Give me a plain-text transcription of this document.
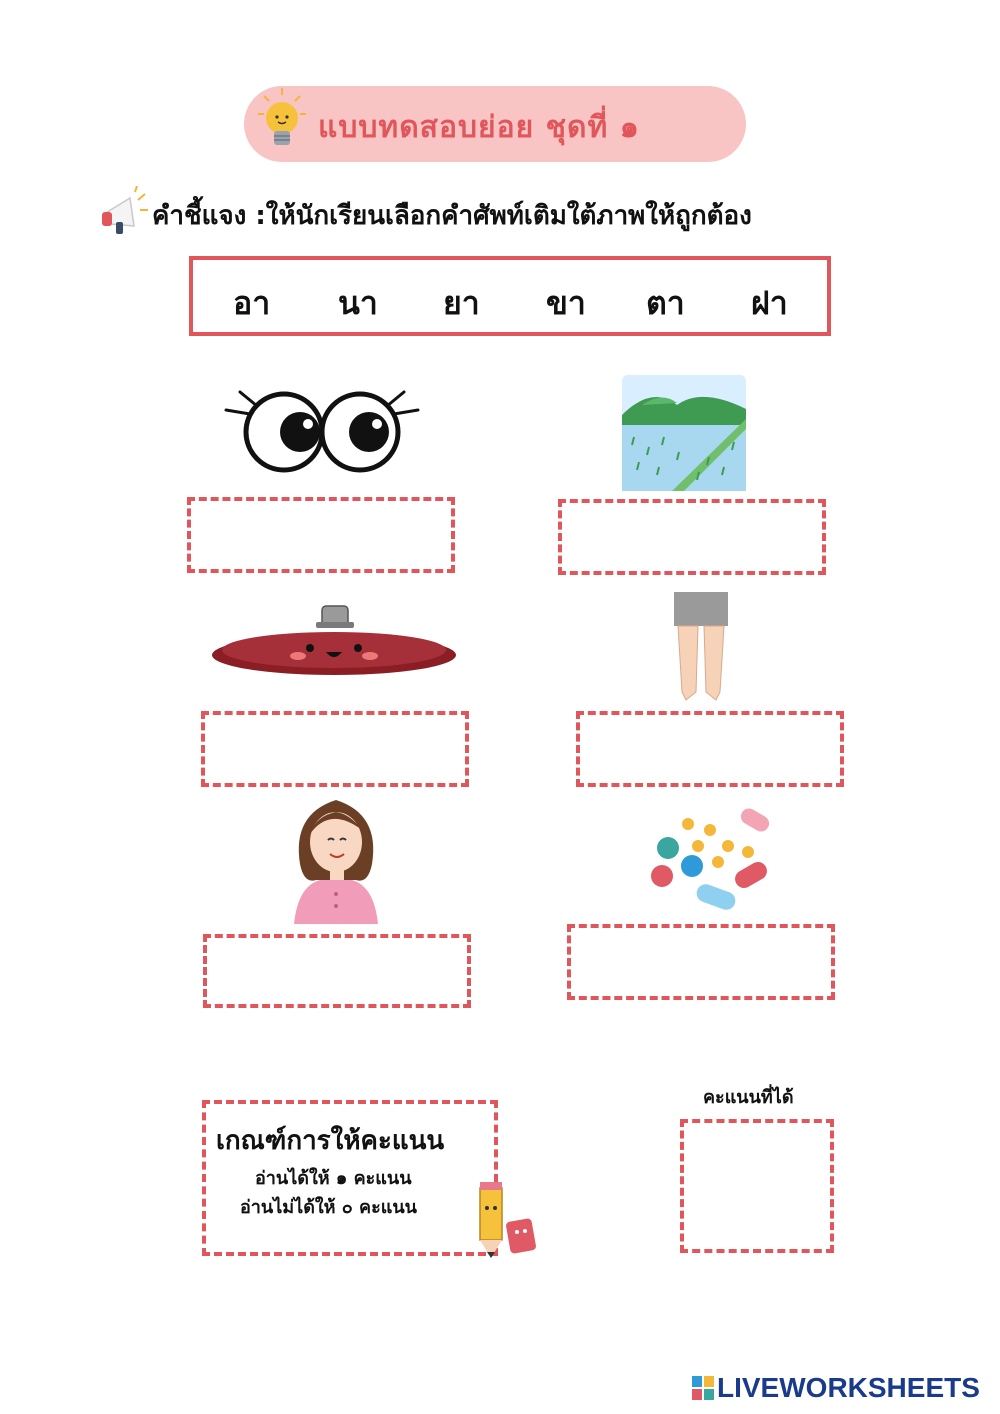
แบบทดสอบย่อย ชุดที่ ๑
คำชี้แจง :ให้นักเรียนเลือกคำศัพท์เติมใต้ภาพให้ถูกต้อง
อา นา ยา ขา ตา ฝา
เกณฑ์การให้คะแนน
อ่านได้ให้ ๑ คะแนน
อ่านไม่ได้ให้ ๐ คะแนน
คะแนนที่ได้
LIVEWORKSHEETS
